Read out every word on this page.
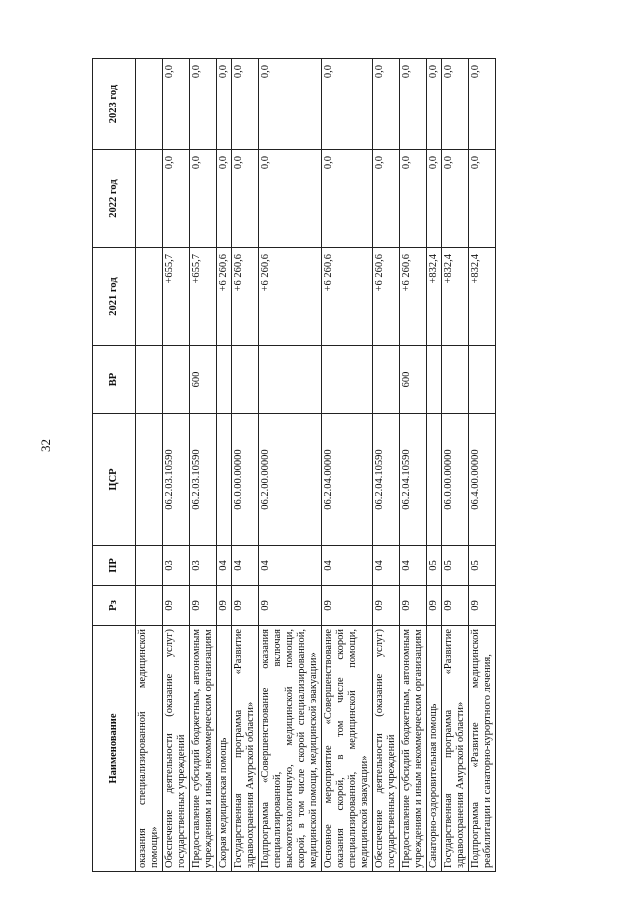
32
Наименование	Рз	ПР	ЦСР	ВР	2021 год	2022 год	2023 год
оказания специализированной медицинской помощи»							
Обеспечение деятельности (оказание услуг) государственных учреждений	09	03	06.2.03.10590		+655,7	0,0	0,0
Предоставление субсидий бюджетным, автономным учреждениям и иным некоммерческим организациям	09	03	06.2.03.10590	600	+655,7	0,0	0,0
Скорая медицинская помощь	09	04			+6 260,6	0,0	0,0
Государственная программа «Развитие здравоохранения Амурской области»	09	04	06.0.00.00000		+6 260,6	0,0	0,0
Подпрограмма «Совершенствование оказания специализированной, включая высокотехнологичную, медицинской помощи, скорой, в том числе скорой специализированной, медицинской помощи, медицинской эвакуации»	09	04	06.2.00.00000		+6 260,6	0,0	0,0
Основное мероприятие «Совершенствование оказания скорой, в том числе скорой специализированной, медицинской помощи, медицинской эвакуации»	09	04	06.2.04.00000		+6 260,6	0,0	0,0
Обеспечение деятельности (оказание услуг) государственных учреждений	09	04	06.2.04.10590		+6 260,6	0,0	0,0
Предоставление субсидий бюджетным, автономным учреждениям и иным некоммерческим организациям	09	04	06.2.04.10590	600	+6 260,6	0,0	0,0
Санаторно-оздоровительная помощь	09	05			+832,4	0,0	0,0
Государственная программа «Развитие здравоохранения Амурской области»	09	05	06.0.00.00000		+832,4	0,0	0,0
Подпрограмма «Развитие медицинской реабилитации и санаторно-курортного лечения,	09	05	06.4.00.00000		+832,4	0,0	0,0
